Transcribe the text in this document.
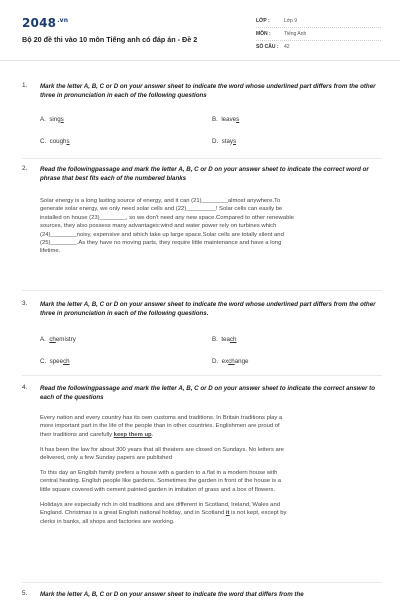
$2048^{.vn}$
Bộ 20 đề thi vào 10 môn Tiếng anh có đáp án - Đề 2
LỚP :	Lớp 9
MÔN :	Tiếng Anh
SỐ CÂU :	42
1. Mark the letter A, B, C or D on your answer sheet to indicate the word whose underlined part differs from the other three in pronunciation in each of the following questions
A. sings	B. leaves
C. coughs	D. stays
2. Read the followingpassage and mark the letter A, B, C or D on your answer sheet to indicate the correct word or phrase that best fits each of the numbered blanks
Solar energy is a long lasting source of energy, and it can (21)________almost anywhere.To
generate solar energy, we only need solar cells and (22)_________! Solar cells can easily be
installed on house (23)________, so we don't need any new space.Compared to other renewable
sources, they also possess many advantages:wind and water power rely on turbines which
(24)________noisy, expensive and which take up large space.Solar cells are totally silent and
(25)________.As they have no moving parts, they require little maintenance and have a long
lifetime.
3. Mark the letter A, B, C or D on your answer sheet to indicate the word whose underlined part differs from the other three in pronunciation in each of the following questions.
A. chemistry	B. teach
C. speech	D. exchange
4. Read the followingpassage and mark the letter A, B, C or D on your answer sheet to indicate the correct answer to each of the questions
Every nation and every country has its own customs and traditions. In Britain traditions play a
more important part in the life of the people than in other countries. Englishmen are proud of
their traditions and carefully keep them up.
It has been the law for about 300 years that all theaters are closed on Sundays. No letters are
delivered, only a few Sunday papers are published
To this day an English family prefers a house with a garden to a flat in a modern house with
central heating. English people like gardens. Sometimes the garden in front of the house is a
little square covered with cement painted garden in imitation of grass and a box of flowers.
Holidays are especially rich in old traditions and are different in Scotland, Ireland, Wales and
England. Christmas is a great English national holiday, and in Scotland it is not kept, except by
clerks in banks, all shops and factories are working.
5. Mark the letter A, B, C or D on your answer sheet to indicate the word that differs from the
